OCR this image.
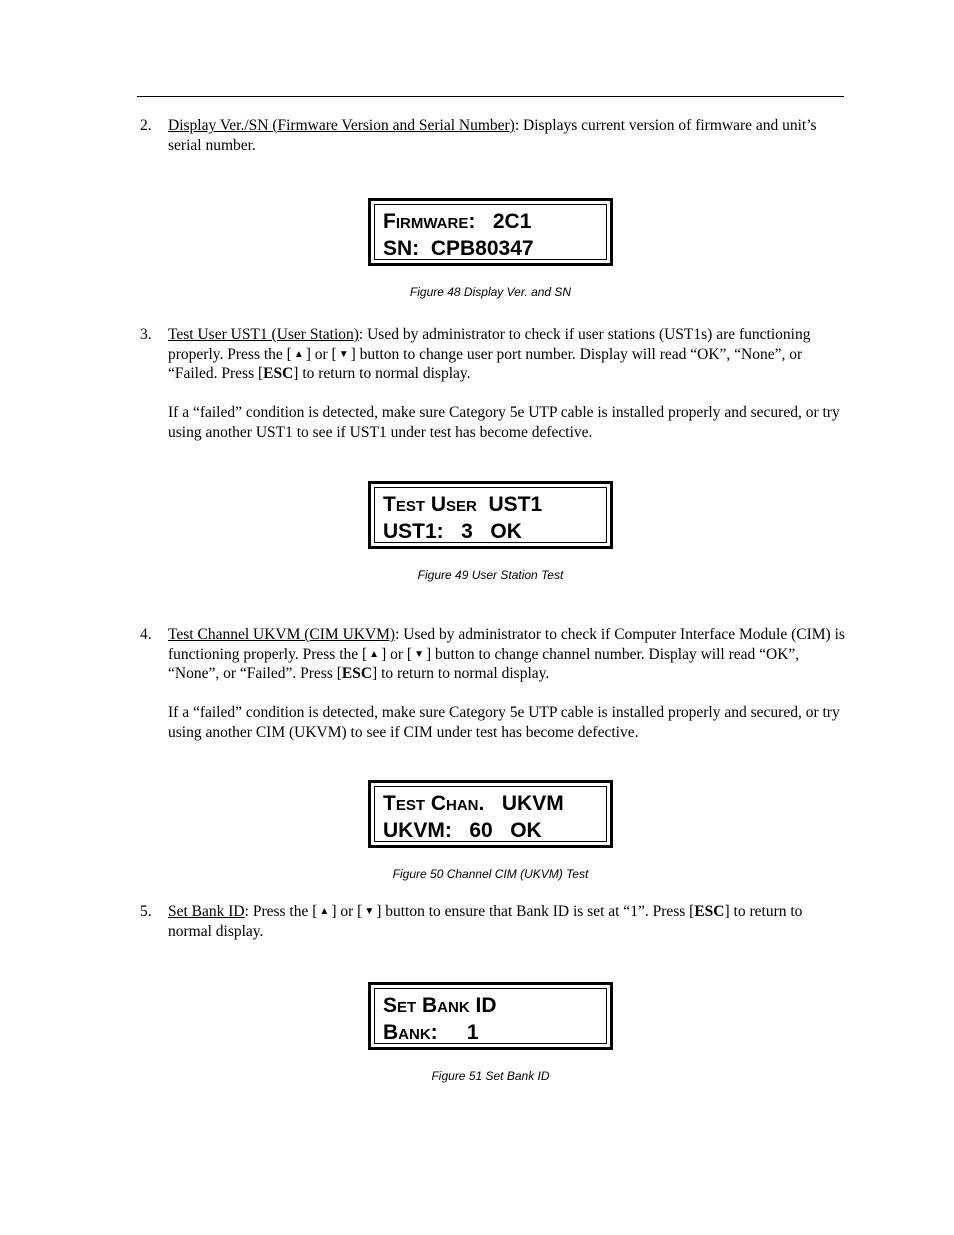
2. Display Ver./SN (Firmware Version and Serial Number): Displays current version of firmware and unit’s serial number.

Firmware: 2C1
SN:  CPB80347
Figure 48 Display Ver. and SN
3. Test User UST1 (User Station): Used by administrator to check if user stations (UST1s) are functioning properly. Press the [ ▲ ] or [ ▼ ] button to change user port number. Display will read “OK”, “None”, or “Failed. Press [ESC] to return to normal display.

If a “failed” condition is detected, make sure Category 5e UTP cable is installed properly and secured, or try using another UST1 to see if UST1 under test has become defective.

Test User UST1
UST1:   3   OK
Figure 49 User Station Test
4. Test Channel UKVM (CIM UKVM): Used by administrator to check if Computer Interface Module (CIM) is functioning properly. Press the [ ▲ ] or [ ▼ ] button to change channel number. Display will read “OK”, “None”, or “Failed”. Press [ESC] to return to normal display.

If a “failed” condition is detected, make sure Category 5e UTP cable is installed properly and secured, or try using another CIM (UKVM) to see if CIM under test has become defective.

Test Chan. UKVM
UKVM:   60   OK
Figure 50 Channel CIM (UKVM) Test
5. Set Bank ID: Press the [ ▲ ] or [ ▼ ] button to ensure that Bank ID is set at “1”. Press [ESC] to return to normal display.

Set Bank ID
Bank: 1
Figure 51 Set Bank ID
